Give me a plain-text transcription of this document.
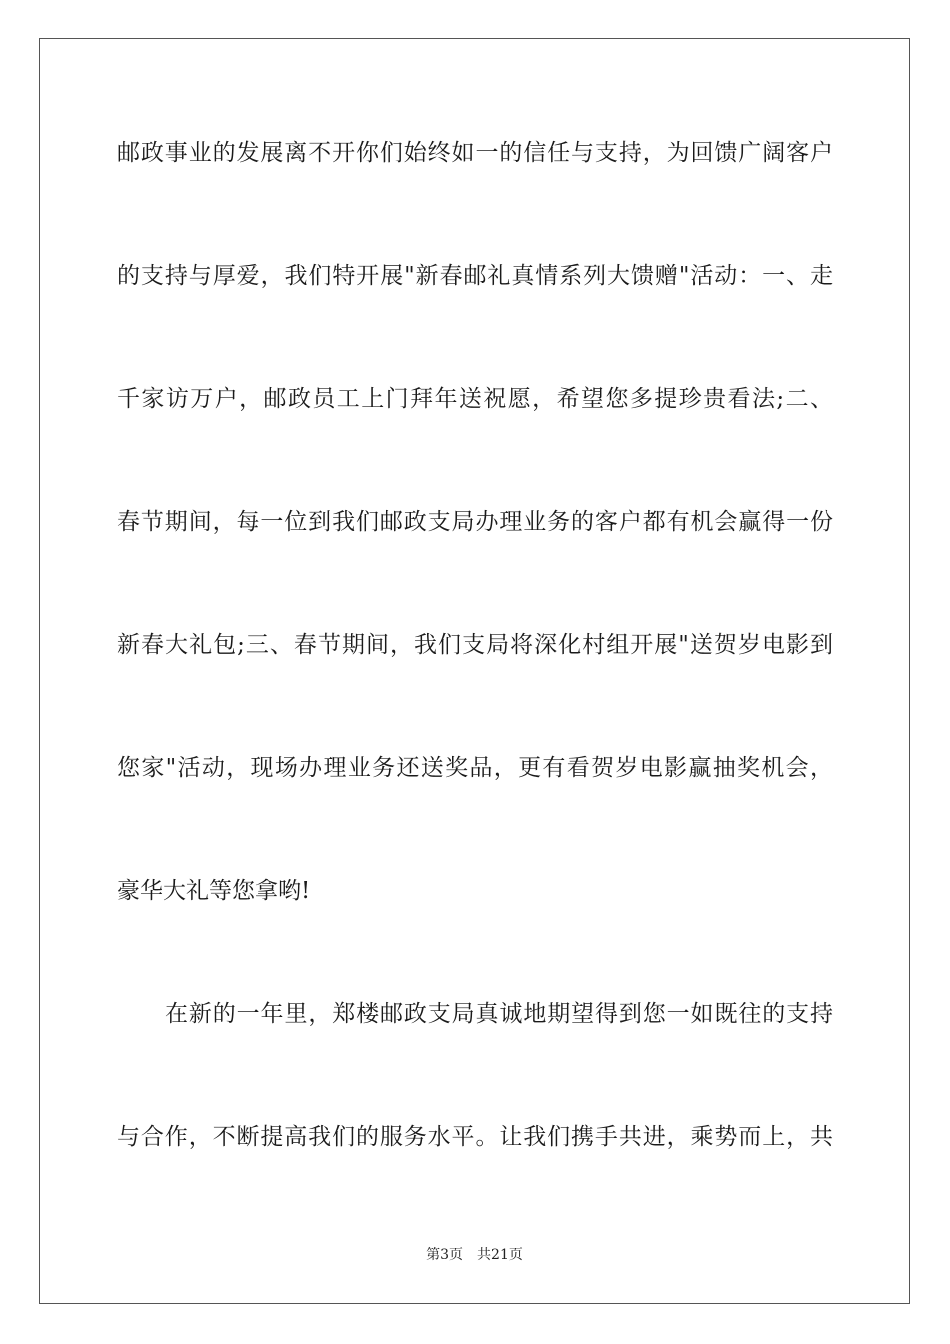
邮政事业的发展离不开你们始终如一的信任与支持，为回馈广阔客户
的支持与厚爱，我们特开展"新春邮礼真情系列大馈赠"活动：一、走
千家访万户，邮政员工上门拜年送祝愿，希望您多提珍贵看法;二、
春节期间，每一位到我们邮政支局办理业务的客户都有机会赢得一份
新春大礼包;三、春节期间，我们支局将深化村组开展"送贺岁电影到
您家"活动，现场办理业务还送奖品，更有看贺岁电影赢抽奖机会，
豪华大礼等您拿哟!
在新的一年里，郑楼邮政支局真诚地期望得到您一如既往的支持
与合作，不断提高我们的服务水平。让我们携手共进，乘势而上，共
第3页 共21页
